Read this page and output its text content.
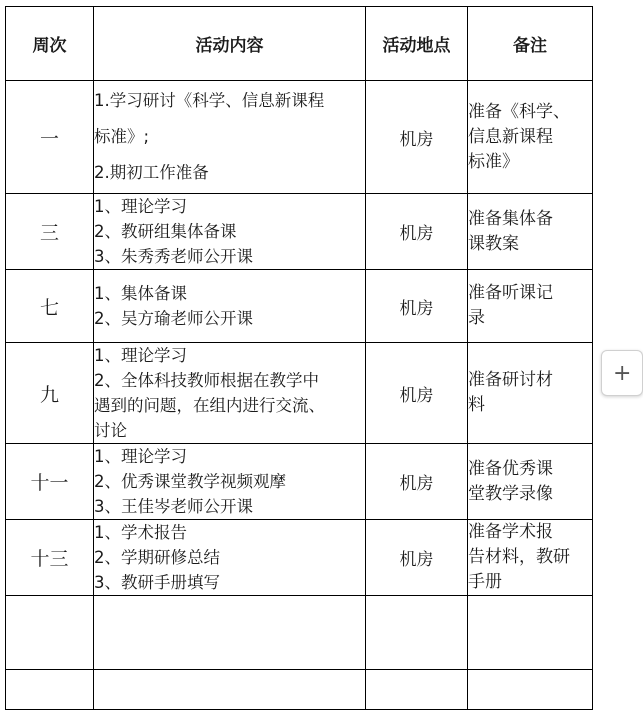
周次	活动内容	活动地点	备注
一	1.学习研讨《科学、信息新课程
标准》;
2.期初工作准备	机房	准备《科学、
信息新课程
标准》

三	1、理论学习
2、教研组集体备课
3、朱秀秀老师公开课	机房	准备集体备
课教案

七	1、集体备课
2、吴方瑜老师公开课	机房	准备听课记
录

九	1、理论学习
2、全体科技教师根据在教学中
遇到的问题，在组内进行交流、
讨论	机房	准备研讨材
料

十一	1、理论学习
2、优秀课堂教学视频观摩
3、王佳岑老师公开课	机房	准备优秀课
堂教学录像

十三	1、学术报告
2、学期研修总结
3、教研手册填写	机房	准备学术报
告材料，教研
手册

+
